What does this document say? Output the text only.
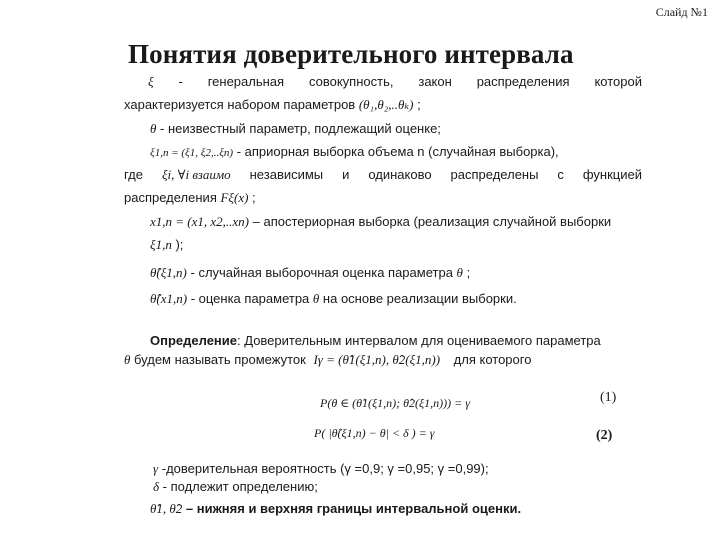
Слайд №1
Понятия доверительного интервала
ξ - генеральная совокупность, закон распределения которой
характеризуется набором параметров (θ₁,θ₂,..θₖ) ;
θ - неизвестный параметр, подлежащий оценке;
ξ1,n = (ξ1, ξ2,..ξn) - априорная выборка объема n (случайная выборка),
где ξi, ∀i взаимо независимы и одинаково распределены с функцией
распределения Fξ(x) ;
x1,n = (x1, x2,..xn) – апостериорная выборка (реализация случайной выборки
ξ1,n );
θ̂(ξ1,n) - случайная выборочная оценка параметра θ ;
θ̂(x1,n) - оценка параметра θ на основе реализации выборки.
Определение: Доверительным интервалом для оцениваемого параметра
θ будем называть промежуток Iγ = (θ̂1(ξ1,n), θ̂2(ξ1,n)) для которого
P(θ ∈ (θ̂1(ξ1,n); θ̂2(ξ1,n))) = γ	(1)
P( |θ̂(ξ1,n) − θ| < δ ) = γ	(2)
γ -доверительная вероятность (γ =0,9; γ =0,95; γ =0,99);
δ - подлежит определению;
θ̂1, θ̂2 – нижняя и верхняя границы интервальной оценки.
